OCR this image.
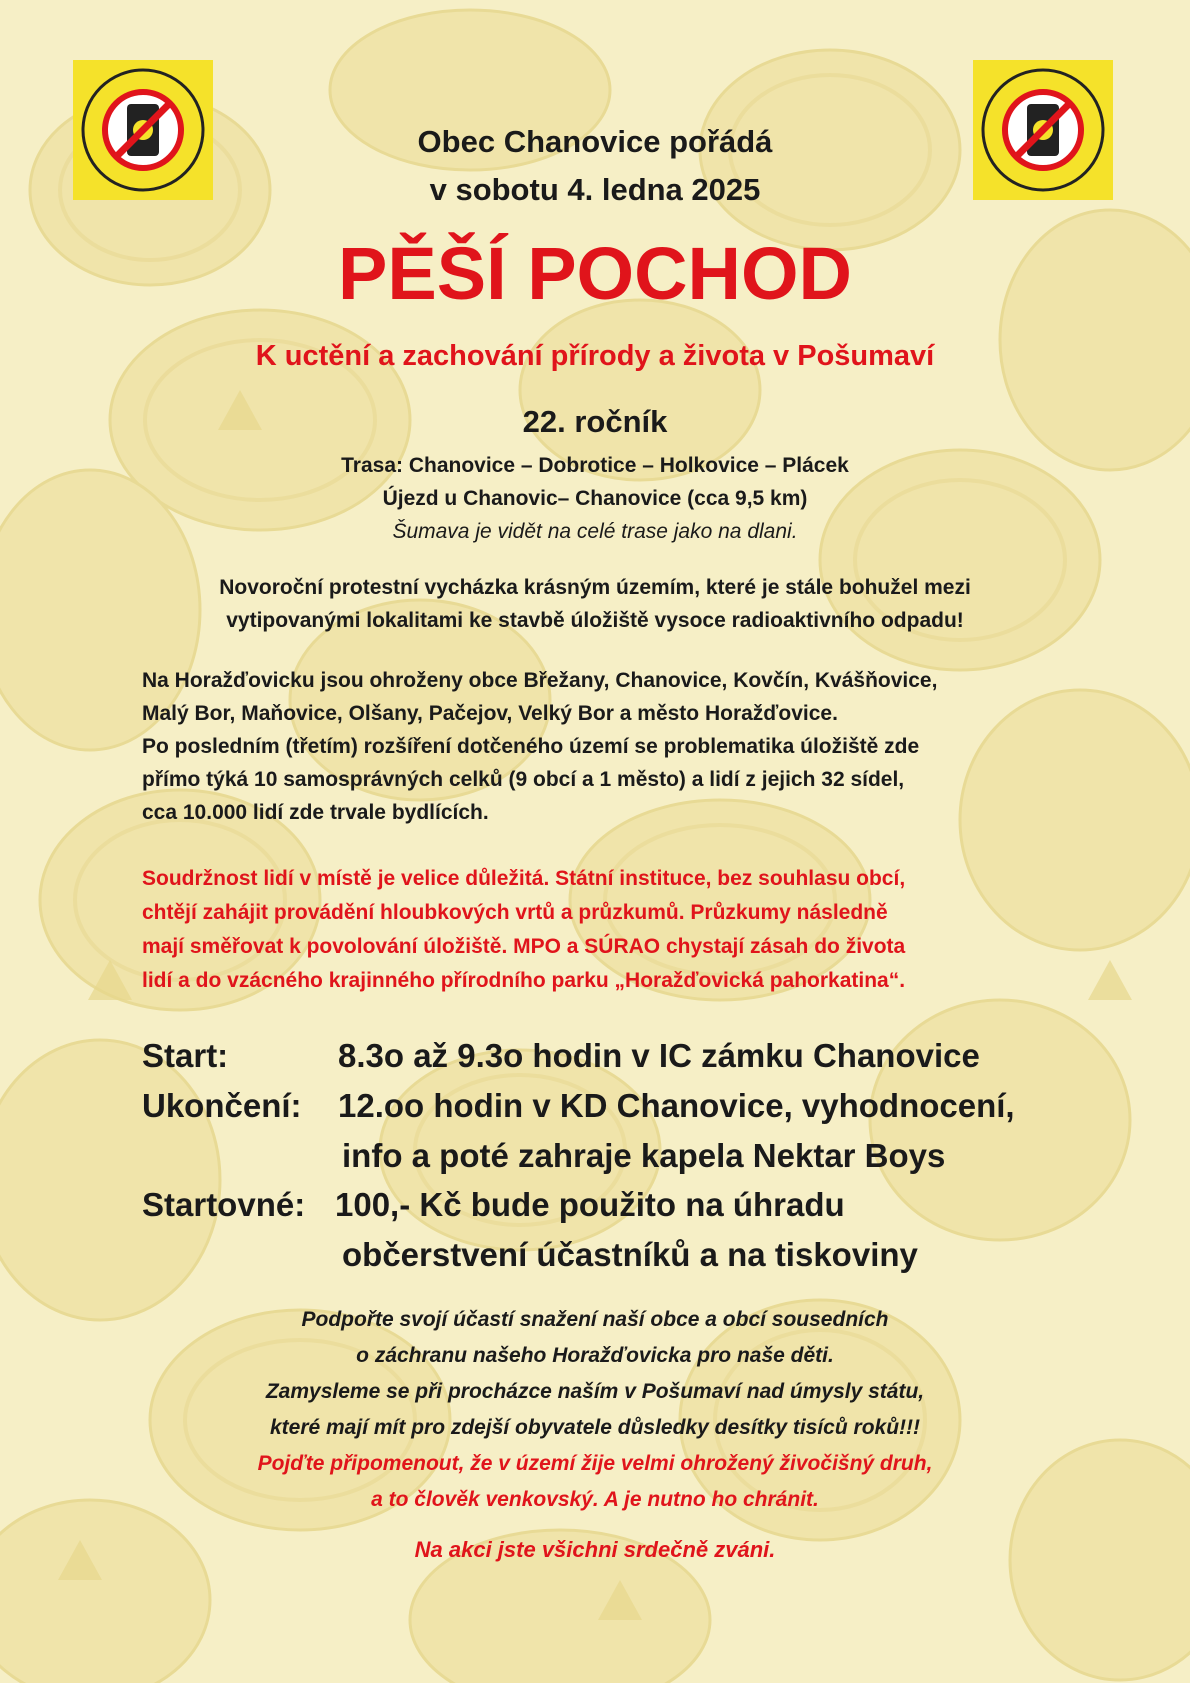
Obec Chanovice pořádá
v sobotu 4. ledna 2025
PĚŠÍ POCHOD
K uctění a zachování přírody a života v Pošumaví
22. ročník
Trasa: Chanovice – Dobrotice – Holkovice – Plácek
Újezd u Chanovic– Chanovice (cca 9,5 km)
Šumava je vidět na celé trase jako na dlani.
Novoroční protestní vycházka krásným územím, které je stále bohužel mezi
vytipovanými lokalitami ke stavbě úložiště vysoce radioaktivního odpadu!
Na Horažďovicku jsou ohroženy obce Břežany, Chanovice, Kovčín, Kvášňovice,
Malý Bor, Maňovice, Olšany, Pačejov, Velký Bor a město Horažďovice.
Po posledním (třetím) rozšíření dotčeného území se problematika úložiště zde
přímo týká 10 samosprávných celků (9 obcí a 1 město) a lidí z jejich 32 sídel,
cca 10.000 lidí zde trvale bydlících.
Soudržnost lidí v místě je velice důležitá. Státní instituce, bez souhlasu obcí,
chtějí zahájit provádění hloubkových vrtů a průzkumů. Průzkumy následně
mají směřovat k povolování úložiště. MPO a SÚRAO chystají zásah do života
lidí a do vzácného krajinného přírodního parku „Horažďovická pahorkatina“.
Start:	8.3o až 9.3o hodin v IC zámku Chanovice
Ukončení: 12.oo hodin v KD Chanovice, vyhodnocení,
info a poté zahraje kapela Nektar Boys
Startovné: 100,- Kč bude použito na úhradu
občerstvení účastníků a na tiskoviny
Podpořte svojí účastí snažení naší obce a obcí sousedních
o záchranu našeho Horažďovicka pro naše děti.
Zamysleme se při procházce naším v Pošumaví nad úmysly státu,
které mají mít pro zdejší obyvatele důsledky desítky tisíců roků!!!
Pojďte připomenout, že v území žije velmi ohrožený živočišný druh,
a to člověk venkovský. A je nutno ho chránit.
Na akci jste všichni srdečně zváni.
